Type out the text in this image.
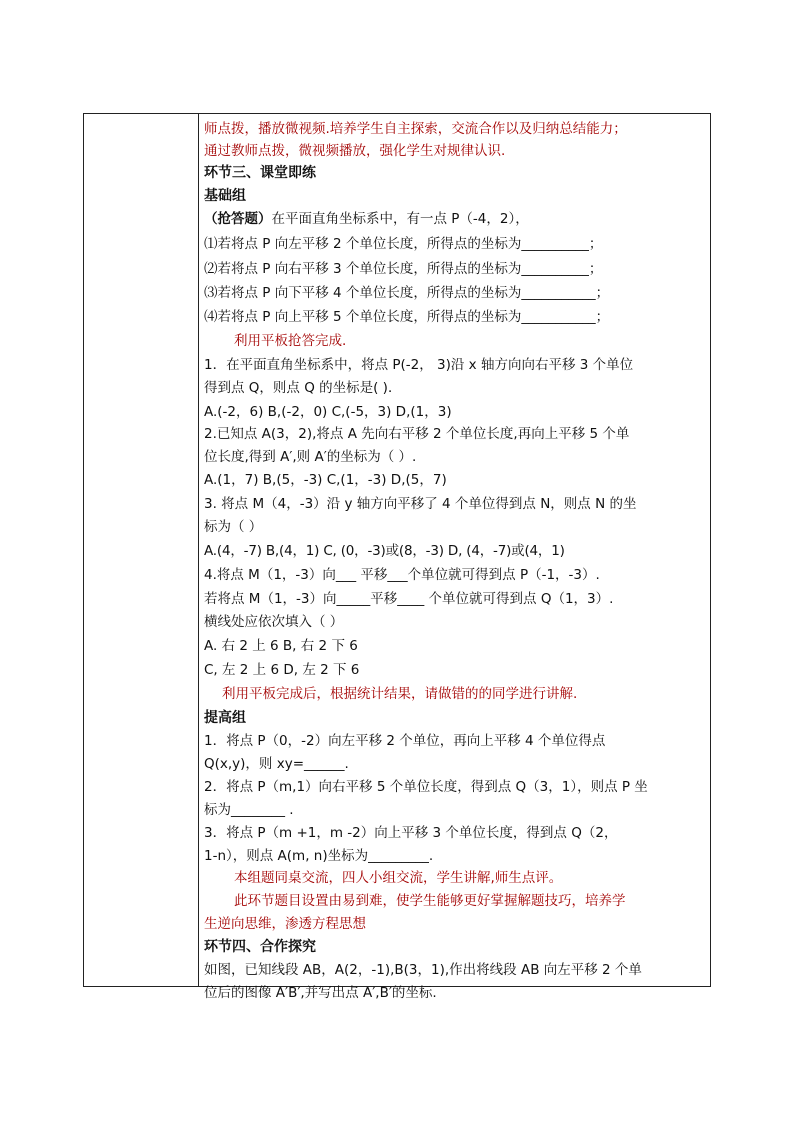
师点拨，播放微视频.培养学生自主探索，交流合作以及归纳总结能力；
通过教师点拨，微视频播放，强化学生对规律认识.
环节三、课堂即练
基础组
（抢答题）在平面直角坐标系中，有一点 P（-4，2），
⑴若将点 P 向左平移 2 个单位长度，所得点的坐标为__________；
⑵若将点 P 向右平移 3 个单位长度，所得点的坐标为__________；
⑶若将点 P 向下平移 4 个单位长度，所得点的坐标为___________；
⑷若将点 P 向上平移 5 个单位长度，所得点的坐标为___________；
利用平板抢答完成.
1．在平面直角坐标系中，将点 P(-2， 3)沿 x 轴方向向右平移 3 个单位
得到点 Q，则点 Q 的坐标是( )．
A.(-2，6) B,(-2，0) C,(-5，3) D,(1，3)
2.已知点 A(3，2),将点 A 先向右平移 2 个单位长度,再向上平移 5 个单
位长度,得到 A′,则 A′的坐标为（ ）.
A.(1，7) B,(5，-3) C,(1，-3) D,(5，7)
3. 将点 M（4，-3）沿 y 轴方向平移了 4 个单位得到点 N，则点 N 的坐
标为（ ）
A.(4，-7) B,(4，1) C, (0，-3)或(8，-3) D, (4，-7)或(4，1)
4.将点 M（1，-3）向___ 平移___个单位就可得到点 P（-1，-3）.
若将点 M（1，-3）向_____平移____ 个单位就可得到点 Q（1，3）.
横线处应依次填入（ ）
A. 右 2 上 6 B, 右 2 下 6
C, 左 2 上 6 D, 左 2 下 6
利用平板完成后，根据统计结果，请做错的的同学进行讲解.
提高组
1．将点 P（0，-2）向左平移 2 个单位，再向上平移 4 个单位得点
Q(x,y)，则 xy=______.
2．将点 P（m,1）向右平移 5 个单位长度，得到点 Q（3，1），则点 P 坐
标为________ .
3．将点 P（m +1，m -2）向上平移 3 个单位长度，得到点 Q（2，
1-n），则点 A(m, n)坐标为_________.
本组题同桌交流，四人小组交流，学生讲解,师生点评。
此环节题目设置由易到难，使学生能够更好掌握解题技巧，培养学
生逆向思维，渗透方程思想
环节四、合作探究
如图，已知线段 AB，A(2，-1),B(3，1),作出将线段 AB 向左平移 2 个单
位后的图像 A′B′,并写出点 A′,B′的坐标.
